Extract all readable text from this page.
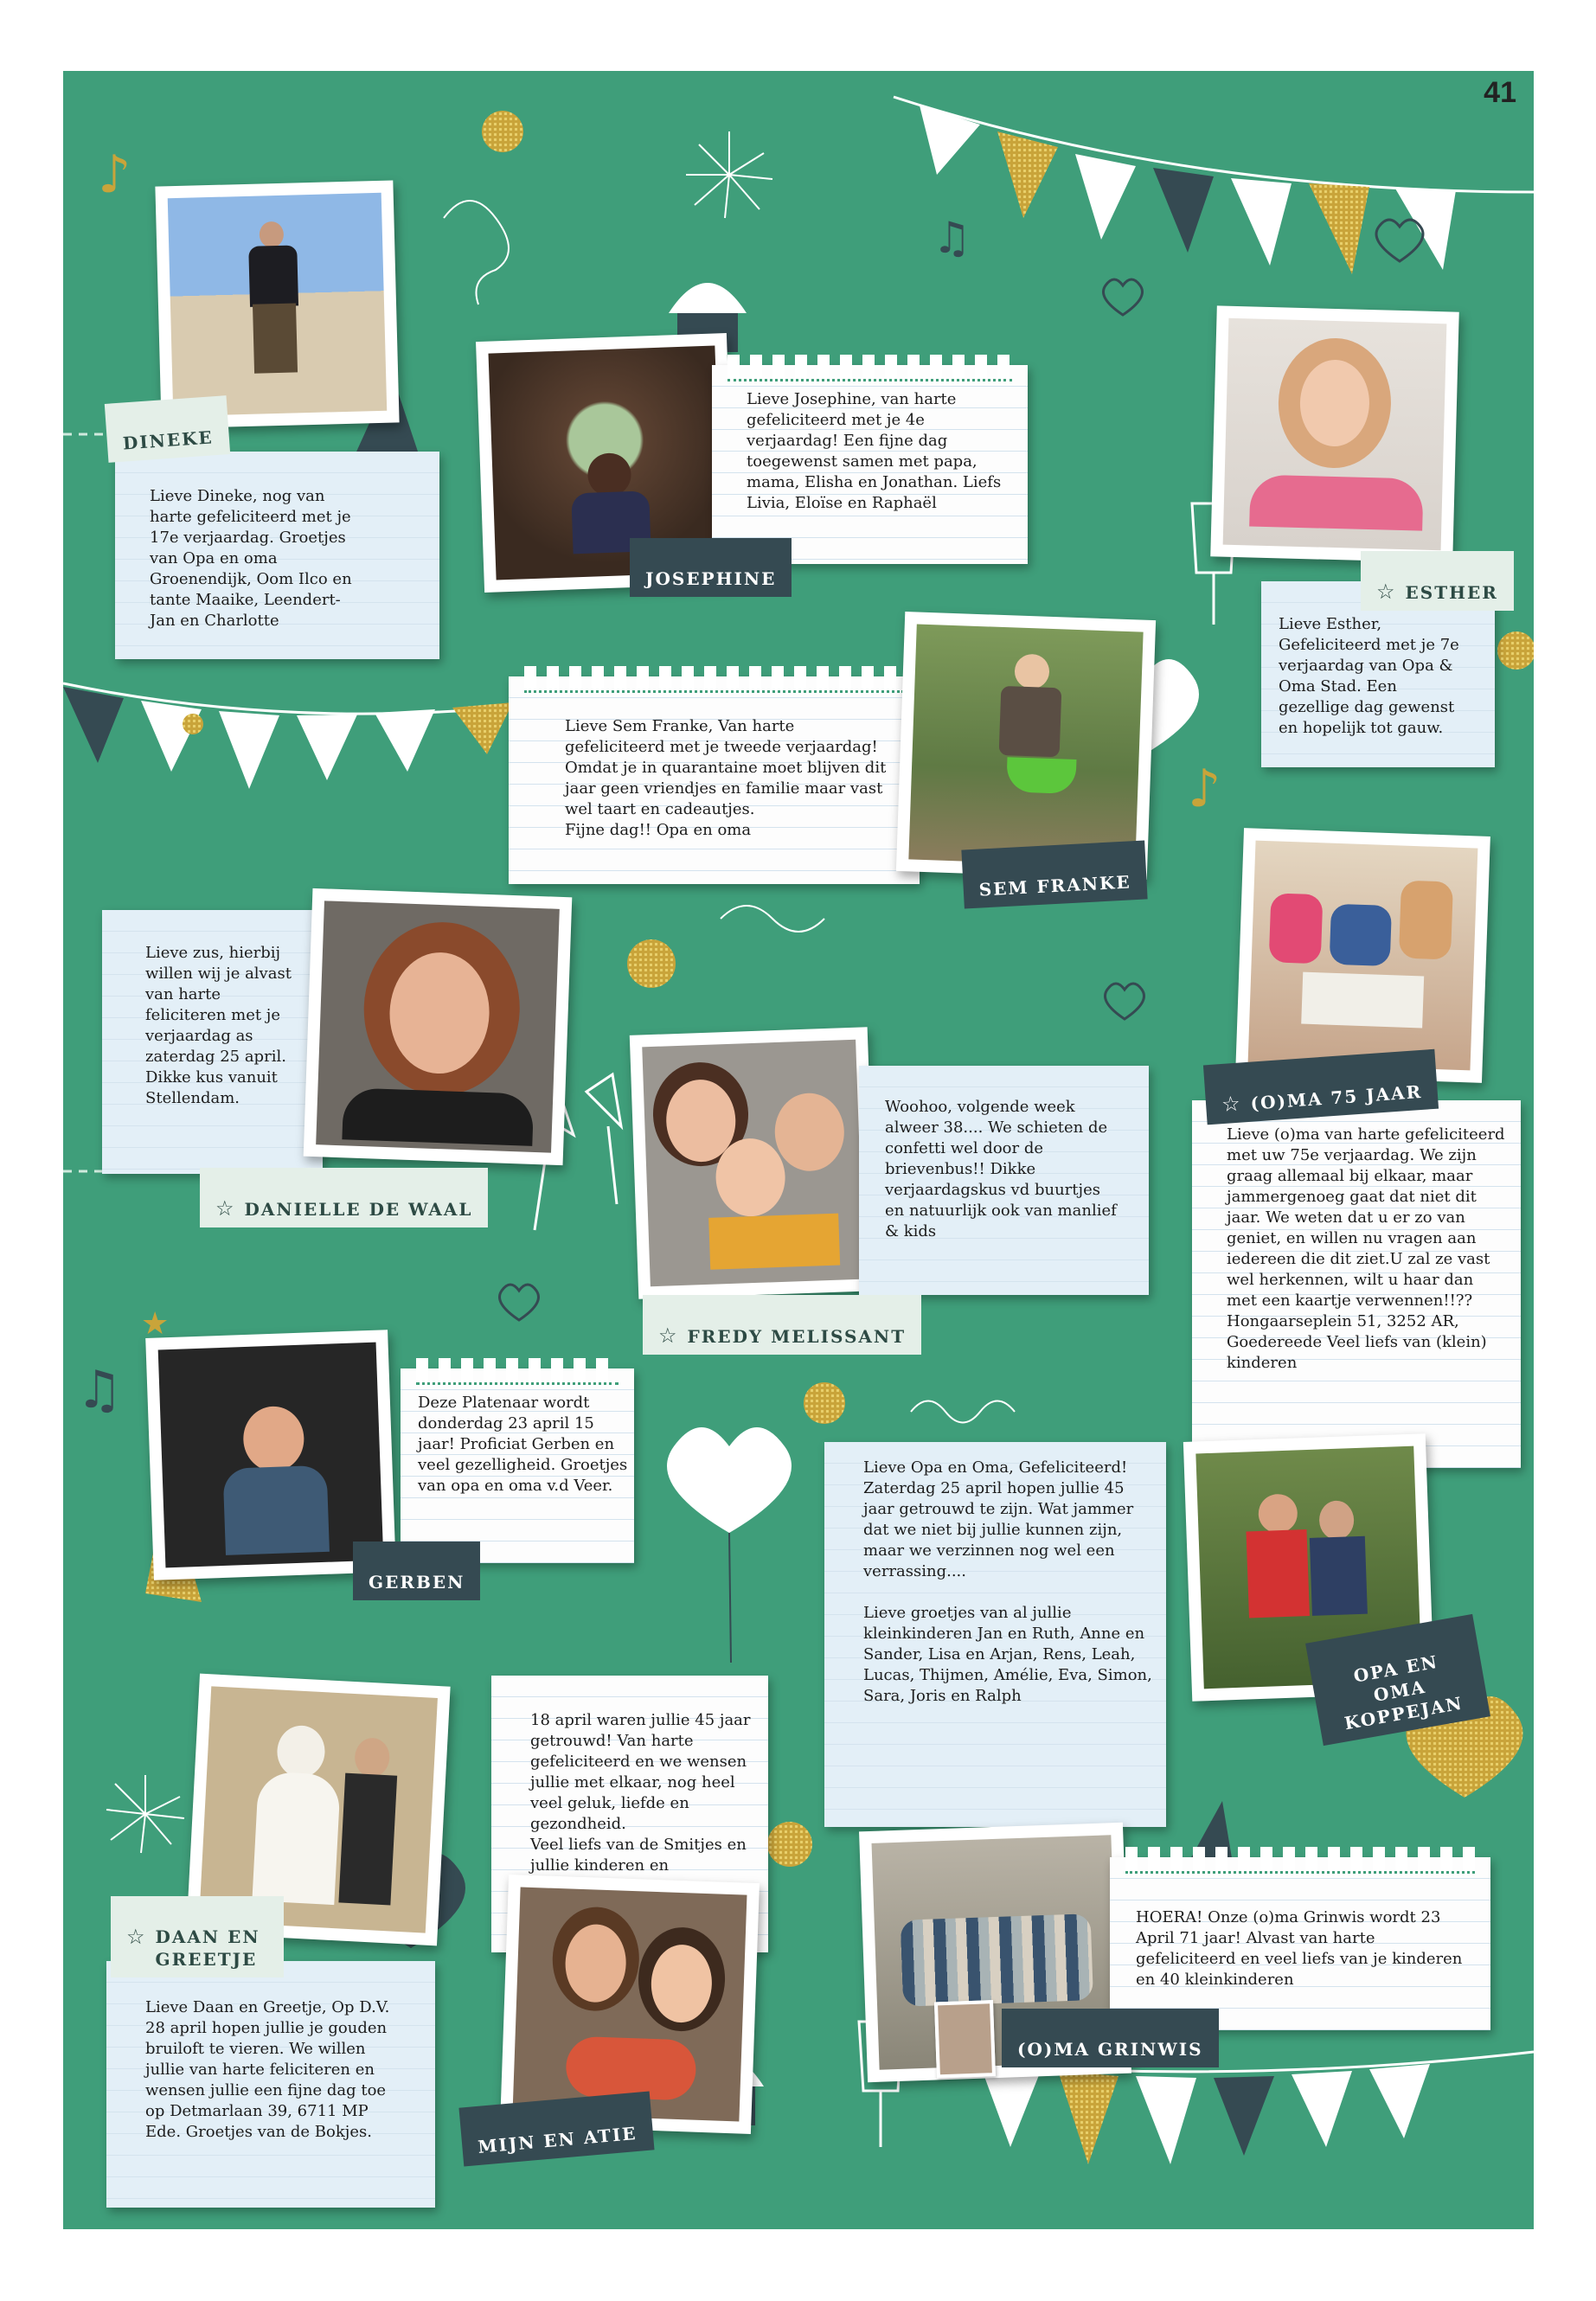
♪
♪
♫
♫
★
41

Lieve Dineke, nog van harte gefeliciteerd met je 17e verjaardag. Groetjes van Opa en oma Groenendijk, Oom Ilco en tante Maaike, Leendert-Jan en Charlotte

DINEKE

Lieve Josephine, van harte gefeliciteerd met je 4e verjaardag! Een fijne dag toegewenst samen met papa, mama, Elisha en Jonathan. Liefs Livia, Eloïse en Raphaël

JOSEPHINE

Lieve Esther, Gefeliciteerd met je 7e verjaardag van Opa & Oma Stad. Een gezellige dag gewenst en hopelijk tot gauw.

☆ ESTHER

Lieve Sem Franke, Van harte gefeliciteerd met je tweede verjaardag! Omdat je in quarantaine moet blijven dit jaar geen vriendjes en familie maar vast wel taart en cadeautjes.
Fijne dag!! Opa en oma

SEM FRANKE

Lieve zus, hierbij willen wij je alvast van harte feliciteren met je verjaardag as zaterdag 25 april. Dikke kus vanuit Stellendam.

☆ DANIELLE DE WAAL

Lieve (o)ma van harte gefeliciteerd met uw 75e verjaardag. We zijn graag allemaal bij elkaar, maar jammergenoeg gaat dat niet dit jaar. We weten dat u er zo van geniet, en willen nu vragen aan iedereen die dit ziet.U zal ze vast wel herkennen, wilt u haar dan met een kaartje verwennen!!?? Hongaarseplein 51, 3252 AR, Goedereede Veel liefs van (klein) kinderen

☆ (O)MA 75 JAAR

Woohoo, volgende week alweer 38.... We schieten de confetti wel door de brievenbus!! Dikke verjaardagskus vd buurtjes en natuurlijk ook van manlief & kids

☆ FREDY MELISSANT

Deze Platenaar wordt donderdag 23 april 15 jaar! Proficiat Gerben en veel gezelligheid. Groetjes van opa en oma v.d Veer.

GERBEN

Lieve Opa en Oma, Gefeliciteerd! Zaterdag 25 april hopen jullie 45 jaar getrouwd te zijn. Wat jammer dat we niet bij jullie kunnen zijn, maar we verzinnen nog wel een verrassing....

Lieve groetjes van al jullie kleinkinderen Jan en Ruth, Anne en Sander, Lisa en Arjan, Rens, Leah, Lucas, Thijmen, Amélie, Eva, Simon, Sara, Joris en Ralph

OPA EN OMA KOPPEJAN

Lieve Daan en Greetje, Op D.V. 28 april hopen jullie je gouden bruiloft te vieren. We willen jullie van harte feliciteren en wensen jullie een fijne dag toe op Detmarlaan 39, 6711 MP Ede. Groetjes van de Bokjes.

☆ DAAN EN GREETJE

18 april waren jullie 45 jaar getrouwd! Van harte gefeliciteerd en we wensen jullie met elkaar, nog heel veel geluk, liefde en gezondheid.
Veel liefs van de Smitjes en jullie kinderen en

MIJN EN ATIE

HOERA! Onze (o)ma Grinwis wordt 23 April 71 jaar! Alvast van harte gefeliciteerd en veel liefs van je kinderen en 40 kleinkinderen

(O)MA GRINWIS
